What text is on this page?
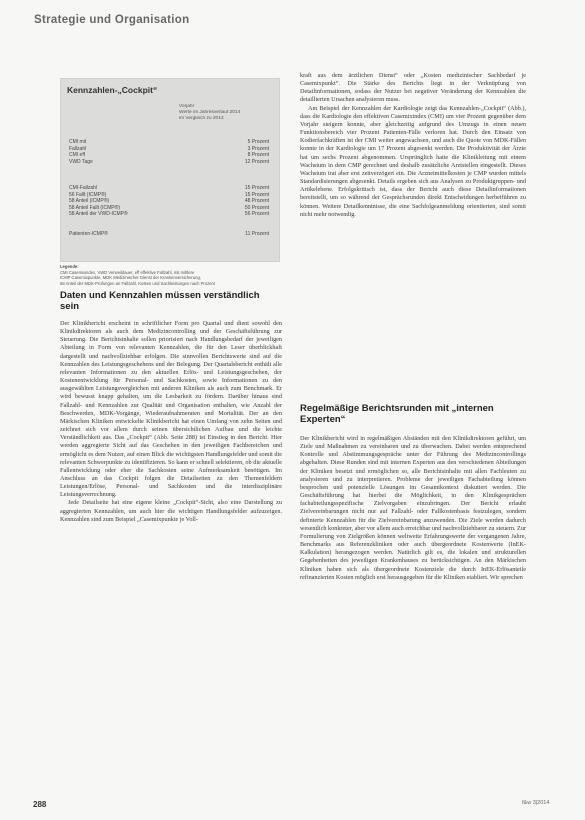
Strategie und Organisation
Kennzahlen-„Cockpit“
Vorjahr
Werte im Jahresverlauf 2014
im Vergleich zu 2013
CMI mit	5 Prozent
Fallzahl	3 Prozent
CMI eff	8 Prozent
VWD Tage	12 Prozent
CMI-Fallzahl	15 Prozent
56 Fallt (ICMP®)	15 Prozent
58 Anteil (ICMP®)	48 Prozent
58 Anteil Fallt (ICMP®)	50 Prozent
58 Anteil der VWD-ICMP®	56 Prozent
Patienten-ICMP®	11 Prozent
Legende:
CMI Casemixindex, VWD Verweildauer, eff effektive Fallzahl, mit mittlere
ICMP Casemixpunkte, MDK Medizinischer Dienst der Krankenversicherung,
58 Anteil der MDK-Prüfungen an Fallzahl, Kosten und Sachleistungen nach Prozent
Daten und Kennzahlen müssen verständlich sein

Der Klinikbericht erscheint in schriftlicher Form pro Quartal und dient sowohl den Klinikdirektoren als auch dem Medizincontrolling und der Geschäftsführung zur Steuerung. Die Berichtsinhalte sollen priorisiert nach Handlungsbedarf der jeweiligen Abteilung in Form von relevanten Kennzahlen, die für den Leser überblickhaft dargestellt und nachvollziehbar erfolgen. Die sinnvollen Berichtswerte sind auf die Kennzahlen des Leistungsgeschehens und der Belegung. Der Quartalsbericht enthält alle relevanten Informationen zu den aktuellen Erlös- und Leistungsgeschehen, der Kostenentwicklung für Personal- und Sachkosten, sowie Informationen zu den ausgewählten Leistungsvergleichen mit anderen Kliniken als auch zum Benchmark. Er wird bewusst knapp gehalten, um die Lesbarkeit zu fördern. Darüber hinaus sind Fallzahl- und Kennzahlen zur Qualität und Organisation enthalten, wie Anzahl der Beschwerden, MDK-Vorgänge, Wiederaufnahmeraten und Mortalität. Der an den Märkischen Kliniken entwickelte Klinikbericht hat einen Umfang von zehn Seiten und zeichnet sich vor allem durch seinen übersichtlichen Aufbau und die leichte Verständlichkeit aus. Das „Cockpit“ (Abb. Seite 288) ist Einstieg in den Bericht. Hier werden aggregierte Sicht auf das Geschehen in den jeweiligen Fachbereichen und ermöglicht es dem Nutzer, auf einen Blick die wichtigsten Handlungsfelder und somit die relevanten Schwerpunkte zu identifizieren. So kann er schnell selektieren, ob die aktuelle Fallentwicklung oder eher die Sachkosten seine Aufmerksamkeit benötigen. Im Anschluss an das Cockpit folgen die Detailseiten zu den Themenfeldern Leistungen/Erlöse, Personal- und Sachkosten und die interdisziplinäre Leistungsverrechnung.

Jede Detailseite hat eine eigene kleine „Cockpit“-Sicht, also eine Darstellung zu aggregierten Kennzahlen, um auch hier die wichtigen Handlungsfelder aufzuzeigen. Kennzahlen sind zum Beispiel „Casemixpunkte je Voll-

kraft aus dem ärztlichen Dienst“ oder „Kosten medizinischer Sachbedarf je Casemixpunkt“. Die Stärke des Berichts liegt in der Verknüpfung von Detailinformationen, sodass der Nutzer bei negativer Veränderung der Kennzahlen die detaillierten Ursachen analysieren muss.

Am Beispiel der Kennzahlen der Kardiologie zeigt das Kennzahlen-„Cockpit“ (Abb.), dass die Kardiologie den effektiven Casemixindex (CMI) um vier Prozent gegenüber dem Vorjahr steigern konnte, aber gleichzeitig aufgrund des Umzugs in einen neuen Funktionsbereich vier Prozent Patienten-Fälle verloren hat. Durch den Einsatz von Kodierfachkräften ist der CMI weiter angewachsen, und auch die Quote von MDK-Fällen konnte in der Kardiologie um 17 Prozent abgesenkt werden. Die Produktivität der Ärzte hat um sechs Prozent abgenommen. Ursprünglich hatte die Klinikleitung mit einem Wachstum in dem CMP gerechnet und deshalb zusätzliche Arztstellen eingestellt. Dieses Wachstum trat aber erst zeitverzögert ein. Die Arzneimittelkosten je CMP wurden mittels Standardisierungen abgesenkt. Details ergeben sich aus Analysen zu Produktgruppen- und Artikelebene. Erfolgskritisch ist, dass der Bericht auch diese Detailinformationen bereitstellt, um so während der Gesprächsrunden direkt Entscheidungen herbeiführen zu können. Weitere Detailkenntnisse, die eine Sachfolgeanmeldung orientierten, sind somit nicht mehr notwendig.

Regelmäßige Berichtsrunden mit „internen Experten“

Der Klinikbericht wird in regelmäßigen Abständen mit den Klinikdirektoren geführt, um Ziele und Maßnahmen zu vereinbaren und zu überwachen. Dabei werden entsprechend Kontrolle und Abstimmungsgespräche unter der Führung des Medizincontrollings abgehalten. Diese Runden sind mit internen Experten aus den verschiedenen Abteilungen der Kliniken besetzt und ermöglichen so, alle Berichtsinhalte mit allen Fachleuten zu analysieren und zu interpretieren. Probleme der jeweiligen Fachabteilung können besprochen und potenzielle Lösungen im Gesamtkontext diskutiert werden. Die Geschäftsführung hat hierbei die Möglichkeit, in den Klinikgesprächen fachabteilungsspezifische Zielvorgaben einzubringen. Der Bericht erlaubt Zielvereinbarungen nicht nur auf Fallzahl- oder Fallkostenbasis festzulegen, sondern definierte Kennzahlen für die Zielvereinbarung anzuwenden. Die Ziele werden dadurch wesentlich konkreter, aber vor allem auch erreichbar und nachvollziehbarer zu steuern. Zur Formulierung von Zielgrößen können weltweite Erfahrungswerte der vergangenen Jahre, Benchmarks aus Referenzkliniken oder auch übergeordnete Kostenwerte (InEK-Kalkulation) herangezogen werden. Natürlich gilt es, die lokalen und strukturellen Gegebenheiten des jeweiligen Krankenhauses zu berücksichtigen. An den Märkischen Kliniken haben sich als übergeordnete Kostenziele die durch InEK-Erlösanteile refinanzierten Kosten möglich erst herausgegeben für die Kliniken etabliert. Wir sprechen

288	f&w 3|2014
